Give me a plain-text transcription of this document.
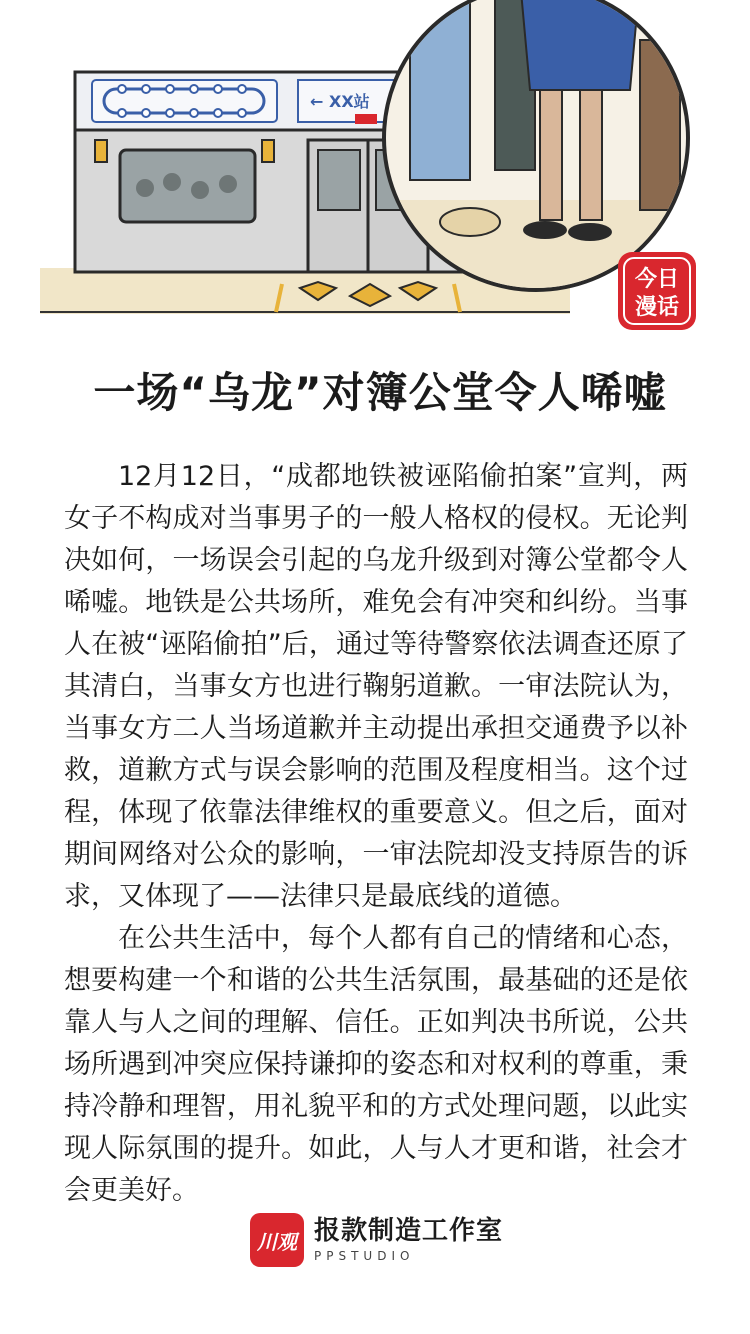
← XX站
今日
漫话
一场“乌龙”对簿公堂令人唏嘘

12月12日，“成都地铁被诬陷偷拍案”宣判，两女子不构成对当事男子的一般人格权的侵权。无论判决如何，一场误会引起的乌龙升级到对簿公堂都令人唏嘘。地铁是公共场所，难免会有冲突和纠纷。当事人在被“诬陷偷拍”后，通过等待警察依法调查还原了其清白，当事女方也进行鞠躬道歉。一审法院认为，当事女方二人当场道歉并主动提出承担交通费予以补救，道歉方式与误会影响的范围及程度相当。这个过程，体现了依靠法律维权的重要意义。但之后，面对期间网络对公众的影响，一审法院却没支持原告的诉求，又体现了——法律只是最底线的道德。

在公共生活中，每个人都有自己的情绪和心态，想要构建一个和谐的公共生活氛围，最基础的还是依靠人与人之间的理解、信任。正如判决书所说，公共场所遇到冲突应保持谦抑的姿态和对权利的尊重，秉持冷静和理智，用礼貌平和的方式处理问题，以此实现人际氛围的提升。如此，人与人才更和谐，社会才会更美好。

川观 报款制造工作室
PPSTUDIO
